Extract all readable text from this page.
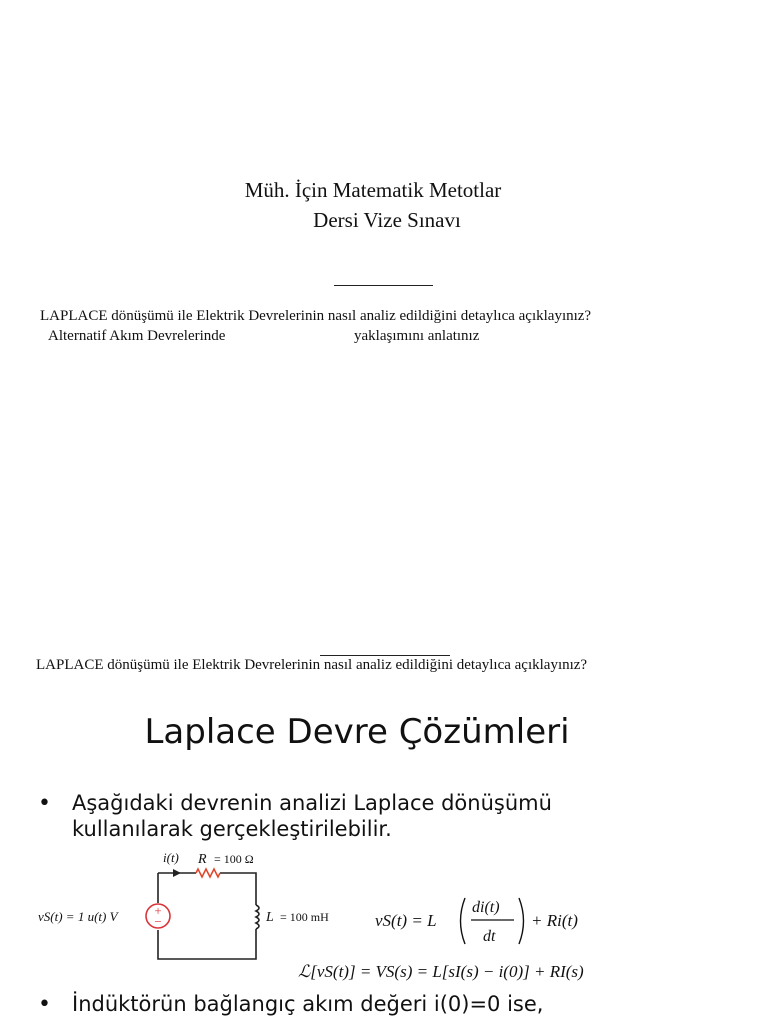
Müh. İçin Matematik Metotlar
Dersi Vize Sınavı
LAPLACE dönüşümü ile Elektrik Devrelerinin nasıl analiz edildiğini detaylıca açıklayınız?
Alternatif Akım Devrelerinde	yaklaşımını anlatınız
LAPLACE dönüşümü ile Elektrik Devrelerinin nasıl analiz edildiğini detaylıca açıklayınız?
Laplace Devre Çözümleri
• Aşağıdaki devrenin analizi Laplace dönüşümü
kullanılarak gerçekleştirilebilir.
• İndüktörün bağlangıç akım değeri i(0)=0 ise,
+
−
i(t) R = 100 Ω
vS(t) = 1 u(t) V	L = 100 mH	vS(t) = L
di(t)
dt
+ Ri(t)
ℒ[vS(t)] = VS(s) = L[sI(s) − i(0)] + RI(s)
